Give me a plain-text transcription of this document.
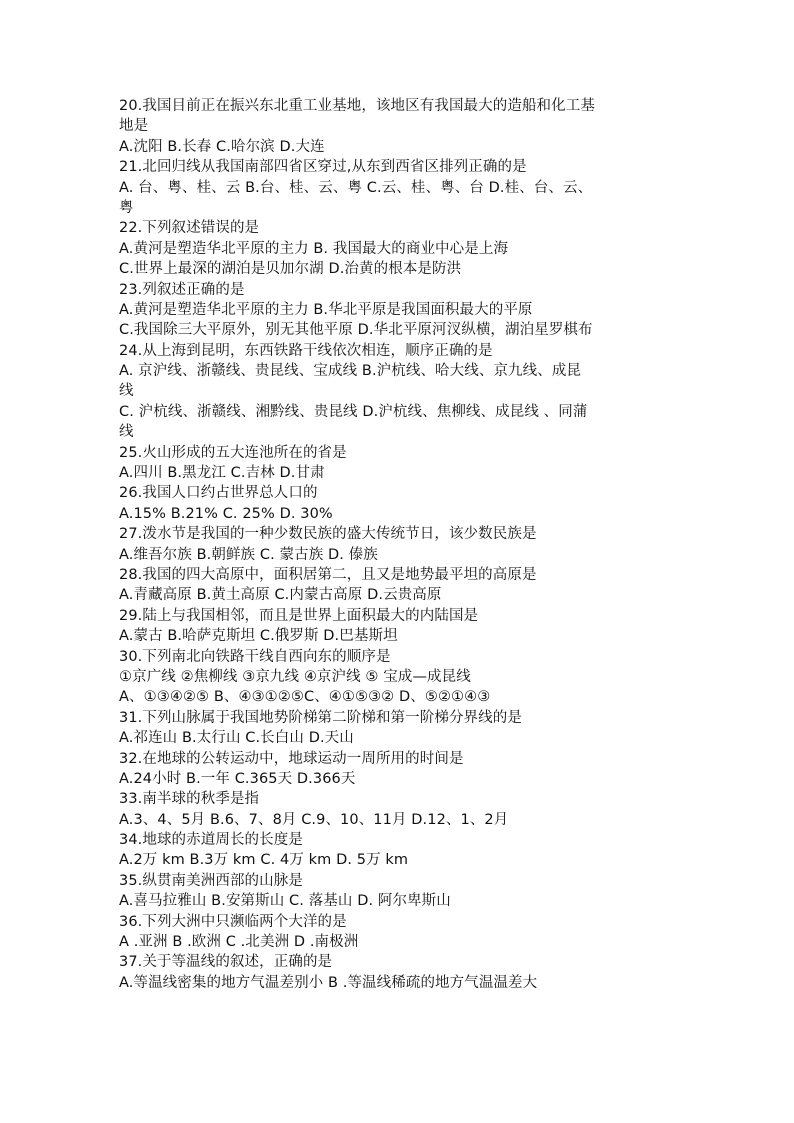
20.我国目前正在振兴东北重工业基地，该地区有我国最大的造船和化工基
地是
A.沈阳 B.长春 C.哈尔滨 D.大连
21.北回归线从我国南部四省区穿过,从东到西省区排列正确的是
A. 台、粤、桂、云 B.台、桂、云、粤 C.云、桂、粤、台 D.桂、台、云、
粤
22.下列叙述错误的是
A.黄河是塑造华北平原的主力 B. 我国最大的商业中心是上海
C.世界上最深的湖泊是贝加尔湖 D.治黄的根本是防洪
23.列叙述正确的是
A.黄河是塑造华北平原的主力 B.华北平原是我国面积最大的平原
C.我国除三大平原外，别无其他平原 D.华北平原河汊纵横，湖泊星罗棋布
24.从上海到昆明，东西铁路干线依次相连，顺序正确的是
A. 京沪线、浙赣线、贵昆线、宝成线 B.沪杭线、哈大线、京九线、成昆
线
C. 沪杭线、浙赣线、湘黔线、贵昆线 D.沪杭线、焦柳线、成昆线 、同蒲
线
25.火山形成的五大连池所在的省是
A.四川 B.黑龙江 C.吉林 D.甘肃
26.我国人口约占世界总人口的
A.15% B.21% C. 25% D. 30%
27.泼水节是我国的一种少数民族的盛大传统节日，该少数民族是
A.维吾尔族 B.朝鲜族 C. 蒙古族 D. 傣族
28.我国的四大高原中，面积居第二，且又是地势最平坦的高原是
A.青藏高原 B.黄土高原 C.内蒙古高原 D.云贵高原
29.陆上与我国相邻，而且是世界上面积最大的内陆国是
A.蒙古 B.哈萨克斯坦 C.俄罗斯 D.巴基斯坦
30.下列南北向铁路干线自西向东的顺序是
①京广线 ②焦柳线 ③京九线 ④京沪线 ⑤ 宝成—成昆线
A、①③④②⑤ B、④③①②⑤C、④①⑤③② D、⑤②①④③
31.下列山脉属于我国地势阶梯第二阶梯和第一阶梯分界线的是
A.祁连山 B.太行山 C.长白山 D.天山
32.在地球的公转运动中，地球运动一周所用的时间是
A.24小时 B.一年 C.365天 D.366天
33.南半球的秋季是指
A.3、4、5月 B.6、7、8月 C.9、10、11月 D.12、1、2月
34.地球的赤道周长的长度是
A.2万 km B.3万 km C. 4万 km D. 5万 km
35.纵贯南美洲西部的山脉是
A.喜马拉雅山 B.安第斯山 C. 落基山 D. 阿尔卑斯山
36.下列大洲中只濒临两个大洋的是
A .亚洲 B .欧洲 C .北美洲 D .南极洲
37.关于等温线的叙述，正确的是
A.等温线密集的地方气温差别小 B .等温线稀疏的地方气温温差大
